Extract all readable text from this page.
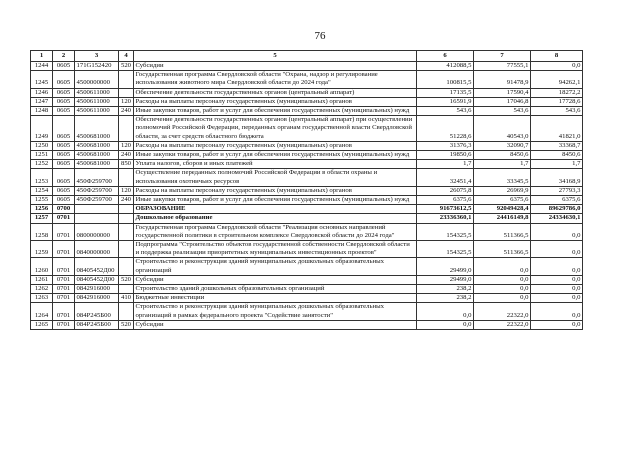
76
1	2	3	4	5	6	7	8
1244	0605	171G152420	520	Субсидии	412088,5	77555,1	0,0
1245	0605	4500000000		Государственная программа Свердловской области "Охрана, надзор и регулирование использования животного мира Свердловской области до 2024 года"	100815,5	91478,9	94262,1
1246	0605	4500611000		Обеспечение деятельности государственных органов (центральный аппарат)	17135,5	17590,4	18272,2
1247	0605	4500611000	120	Расходы на выплаты персоналу государственных (муниципальных) органов	16591,9	17046,8	17728,6
1248	0605	4500611000	240	Иные закупки товаров, работ и услуг для обеспечения государственных (муниципальных) нужд	543,6	543,6	543,6
1249	0605	4500681000		Обеспечение деятельности государственных органов (центральный аппарат) при осуществлении полномочий Российской Федерации, переданных органам государственной власти Свердловской области, за счет средств областного бюджета	51228,6	40543,0	41821,0
1250	0605	4500681000	120	Расходы на выплаты персоналу государственных (муниципальных) органов	31376,3	32090,7	33368,7
1251	0605	4500681000	240	Иные закупки товаров, работ и услуг для обеспечения государственных (муниципальных) нужд	19850,6	8450,6	8450,6
1252	0605	4500681000	850	Уплата налогов, сборов и иных платежей	1,7	1,7	1,7
1253	0605	450Ф259700		Осуществление переданных полномочий Российской Федерации в области охраны и использования охотничьих ресурсов	32451,4	33345,5	34168,9
1254	0605	450Ф259700	120	Расходы на выплаты персоналу государственных (муниципальных) органов	26075,8	26969,9	27793,3
1255	0605	450Ф259700	240	Иные закупки товаров, работ и услуг для обеспечения государственных (муниципальных) нужд	6375,6	6375,6	6375,6
1256	0700			ОБРАЗОВАНИЕ	91673612,5	92049428,4	89629786,0
1257	0701			Дошкольное образование	23336360,1	24416149,8	24334630,1
1258	0701	0800000000		Государственная программа Свердловской области "Реализация основных направлений государственной политики в строительном комплексе Свердловской области до 2024 года"	154325,5	511366,5	0,0
1259	0701	0840000000		Подпрограмма "Строительство объектов государственной собственности Свердловской области и поддержка реализации приоритетных муниципальных инвестиционных проектов"	154325,5	511366,5	0,0
1260	0701	08405452Д00		Строительство и реконструкция зданий муниципальных дошкольных образовательных организаций	29499,0	0,0	0,0
1261	0701	08405452Д00	520	Субсидии	29499,0	0,0	0,0
1262	0701	0842916000		Строительство зданий дошкольных образовательных организаций	238,2	0,0	0,0
1263	0701	0842916000	410	Бюджетные инвестиции	238,2	0,0	0,0
1264	0701	084Р245Б00		Строительство и реконструкция зданий муниципальных дошкольных образовательных организаций в рамках федерального проекта "Содействие занятости"	0,0	22322,0	0,0
1265	0701	084Р245Б00	520	Субсидии	0,0	22322,0	0,0
